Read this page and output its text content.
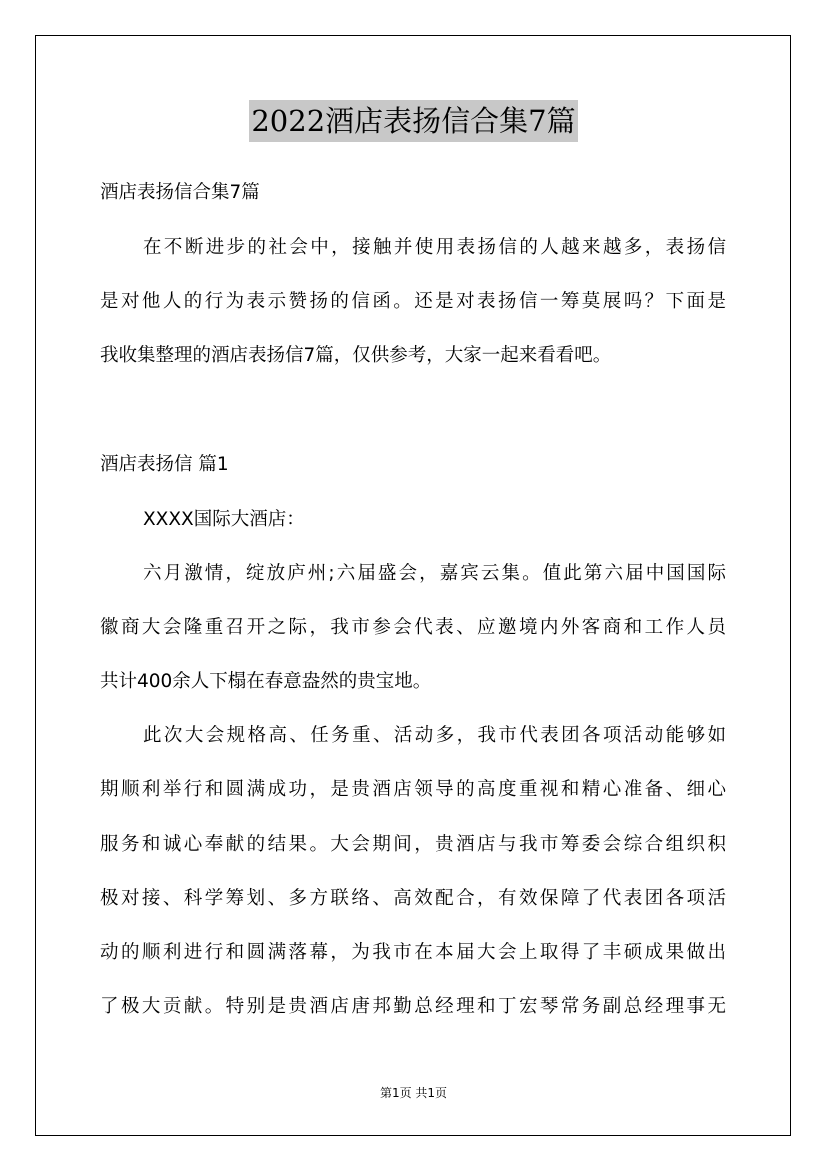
2022酒店表扬信合集7篇
酒店表扬信合集7篇
在不断进步的社会中，接触并使用表扬信的人越来越多，表扬信
是对他人的行为表示赞扬的信函。还是对表扬信一筹莫展吗？下面是
我收集整理的酒店表扬信7篇，仅供参考，大家一起来看看吧。
酒店表扬信 篇1
XXXX国际大酒店：
六月激情，绽放庐州;六届盛会，嘉宾云集。值此第六届中国国际
徽商大会隆重召开之际，我市参会代表、应邀境内外客商和工作人员
共计400余人下榻在春意盎然的贵宝地。
此次大会规格高、任务重、活动多，我市代表团各项活动能够如
期顺利举行和圆满成功，是贵酒店领导的高度重视和精心准备、细心
服务和诚心奉献的结果。大会期间，贵酒店与我市筹委会综合组织积
极对接、科学筹划、多方联络、高效配合，有效保障了代表团各项活
动的顺利进行和圆满落幕，为我市在本届大会上取得了丰硕成果做出
了极大贡献。特别是贵酒店唐邦勤总经理和丁宏琴常务副总经理事无
第1页 共1页
